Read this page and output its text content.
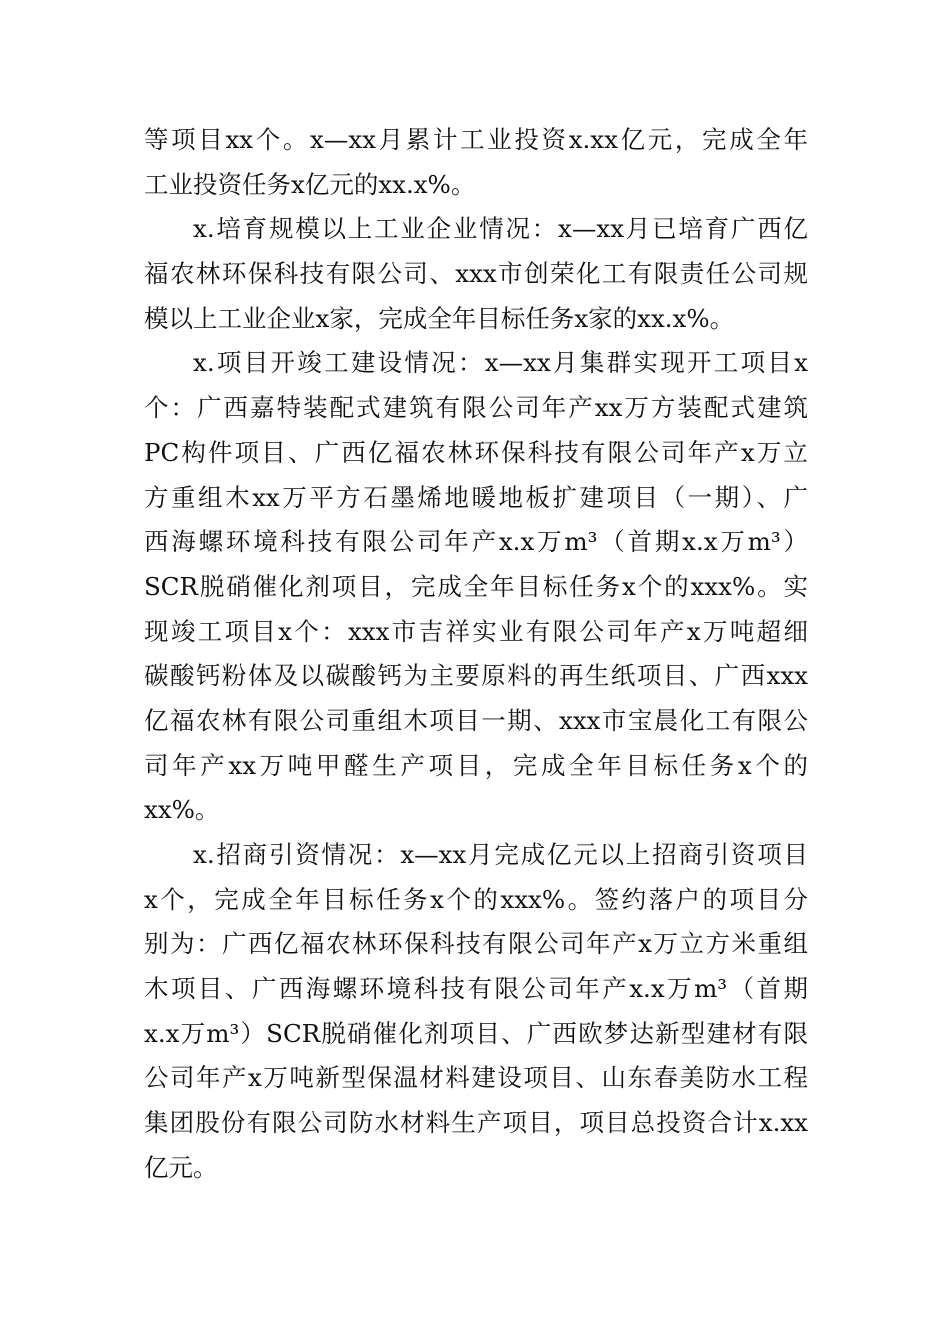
等项目xx个。x—xx月累计工业投资x.xx亿元，完成全年
工业投资任务x亿元的xx.x%。
x.培育规模以上工业企业情况：x—xx月已培育广西亿
福农林环保科技有限公司、xxx市创荣化工有限责任公司规
模以上工业企业x家，完成全年目标任务x家的xx.x%。
x.项目开竣工建设情况：x—xx月集群实现开工项目x
个：广西嘉特装配式建筑有限公司年产xx万方装配式建筑
PC构件项目、广西亿福农林环保科技有限公司年产x万立
方重组木xx万平方石墨烯地暖地板扩建项目（一期）、广
西海螺环境科技有限公司年产x.x万m³（首期x.x万m³）
SCR脱硝催化剂项目，完成全年目标任务x个的xxx%。实
现竣工项目x个：xxx市吉祥实业有限公司年产x万吨超细
碳酸钙粉体及以碳酸钙为主要原料的再生纸项目、广西xxx
亿福农林有限公司重组木项目一期、xxx市宝晨化工有限公
司年产xx万吨甲醛生产项目，完成全年目标任务x个的
xx%。
x.招商引资情况：x—xx月完成亿元以上招商引资项目
x个，完成全年目标任务x个的xxx%。签约落户的项目分
别为：广西亿福农林环保科技有限公司年产x万立方米重组
木项目、广西海螺环境科技有限公司年产x.x万m³（首期
x.x万m³）SCR脱硝催化剂项目、广西欧梦达新型建材有限
公司年产x万吨新型保温材料建设项目、山东春美防水工程
集团股份有限公司防水材料生产项目，项目总投资合计x.xx
亿元。
